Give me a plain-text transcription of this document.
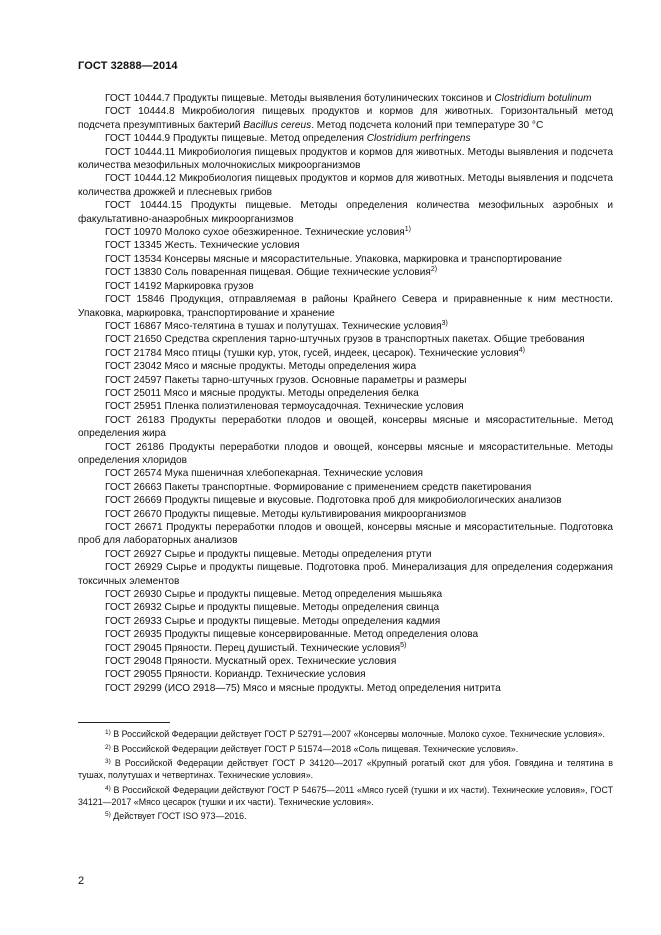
ГОСТ 32888—2014

ГОСТ 10444.7 Продукты пищевые. Методы выявления ботулинических токсинов и Clostridium botulinum

ГОСТ 10444.8 Микробиология пищевых продуктов и кормов для животных. Горизонтальный метод подсчета презумптивных бактерий Bacillus cereus. Метод подсчета колоний при температуре 30 °С

ГОСТ 10444.9 Продукты пищевые. Метод определения Clostridium perfringens

ГОСТ 10444.11 Микробиология пищевых продуктов и кормов для животных. Методы выявления и подсчета количества мезофильных молочнокислых микроорганизмов

ГОСТ 10444.12 Микробиология пищевых продуктов и кормов для животных. Методы выявления и подсчета количества дрожжей и плесневых грибов

ГОСТ 10444.15 Продукты пищевые. Методы определения количества мезофильных аэробных и факультативно-анаэробных микроорганизмов

ГОСТ 10970 Молоко сухое обезжиренное. Технические условия$^{1)}$

ГОСТ 13345 Жесть. Технические условия

ГОСТ 13534 Консервы мясные и мясорастительные. Упаковка, маркировка и транспортирование

ГОСТ 13830 Соль поваренная пищевая. Общие технические условия$^{2)}$

ГОСТ 14192 Маркировка грузов

ГОСТ 15846 Продукция, отправляемая в районы Крайнего Севера и приравненные к ним местности. Упаковка, маркировка, транспортирование и хранение

ГОСТ 16867 Мясо-телятина в тушах и полутушах. Технические условия$^{3)}$

ГОСТ 21650 Средства скрепления тарно-штучных грузов в транспортных пакетах. Общие требования

ГОСТ 21784 Мясо птицы (тушки кур, уток, гусей, индеек, цесарок). Технические условия$^{4)}$

ГОСТ 23042 Мясо и мясные продукты. Методы определения жира

ГОСТ 24597 Пакеты тарно-штучных грузов. Основные параметры и размеры

ГОСТ 25011 Мясо и мясные продукты. Методы определения белка

ГОСТ 25951 Пленка полиэтиленовая термоусадочная. Технические условия

ГОСТ 26183 Продукты переработки плодов и овощей, консервы мясные и мясорастительные. Метод определения жира

ГОСТ 26186 Продукты переработки плодов и овощей, консервы мясные и мясорастительные. Методы определения хлоридов

ГОСТ 26574 Мука пшеничная хлебопекарная. Технические условия

ГОСТ 26663 Пакеты транспортные. Формирование с применением средств пакетирования

ГОСТ 26669 Продукты пищевые и вкусовые. Подготовка проб для микробиологических анализов

ГОСТ 26670 Продукты пищевые. Методы культивирования микроорганизмов

ГОСТ 26671 Продукты переработки плодов и овощей, консервы мясные и мясорастительные. Подготовка проб для лабораторных анализов

ГОСТ 26927 Сырье и продукты пищевые. Методы определения ртути

ГОСТ 26929 Сырье и продукты пищевые. Подготовка проб. Минерализация для определения содержания токсичных элементов

ГОСТ 26930 Сырье и продукты пищевые. Метод определения мышьяка

ГОСТ 26932 Сырье и продукты пищевые. Методы определения свинца

ГОСТ 26933 Сырье и продукты пищевые. Методы определения кадмия

ГОСТ 26935 Продукты пищевые консервированные. Метод определения олова

ГОСТ 29045 Пряности. Перец душистый. Технические условия$^{5)}$

ГОСТ 29048 Пряности. Мускатный орех. Технические условия

ГОСТ 29055 Пряности. Кориандр. Технические условия

ГОСТ 29299 (ИСО 2918—75) Мясо и мясные продукты. Метод определения нитрита

$^{1)}$ В Российской Федерации действует ГОСТ Р 52791—2007 «Консервы молочные. Молоко сухое. Технические условия».

$^{2)}$ В Российской Федерации действует ГОСТ Р 51574—2018 «Соль пищевая. Технические условия».

$^{3)}$ В Российской Федерации действует ГОСТ Р 34120—2017 «Крупный рогатый скот для убоя. Говядина и телятина в тушах, полутушах и четвертинах. Технические условия».

$^{4)}$ В Российской Федерации действуют ГОСТ Р 54675—2011 «Мясо гусей (тушки и их части). Технические условия», ГОСТ 34121—2017 «Мясо цесарок (тушки и их части). Технические условия».

$^{5)}$ Действует ГОСТ ISO 973—2016.

2
